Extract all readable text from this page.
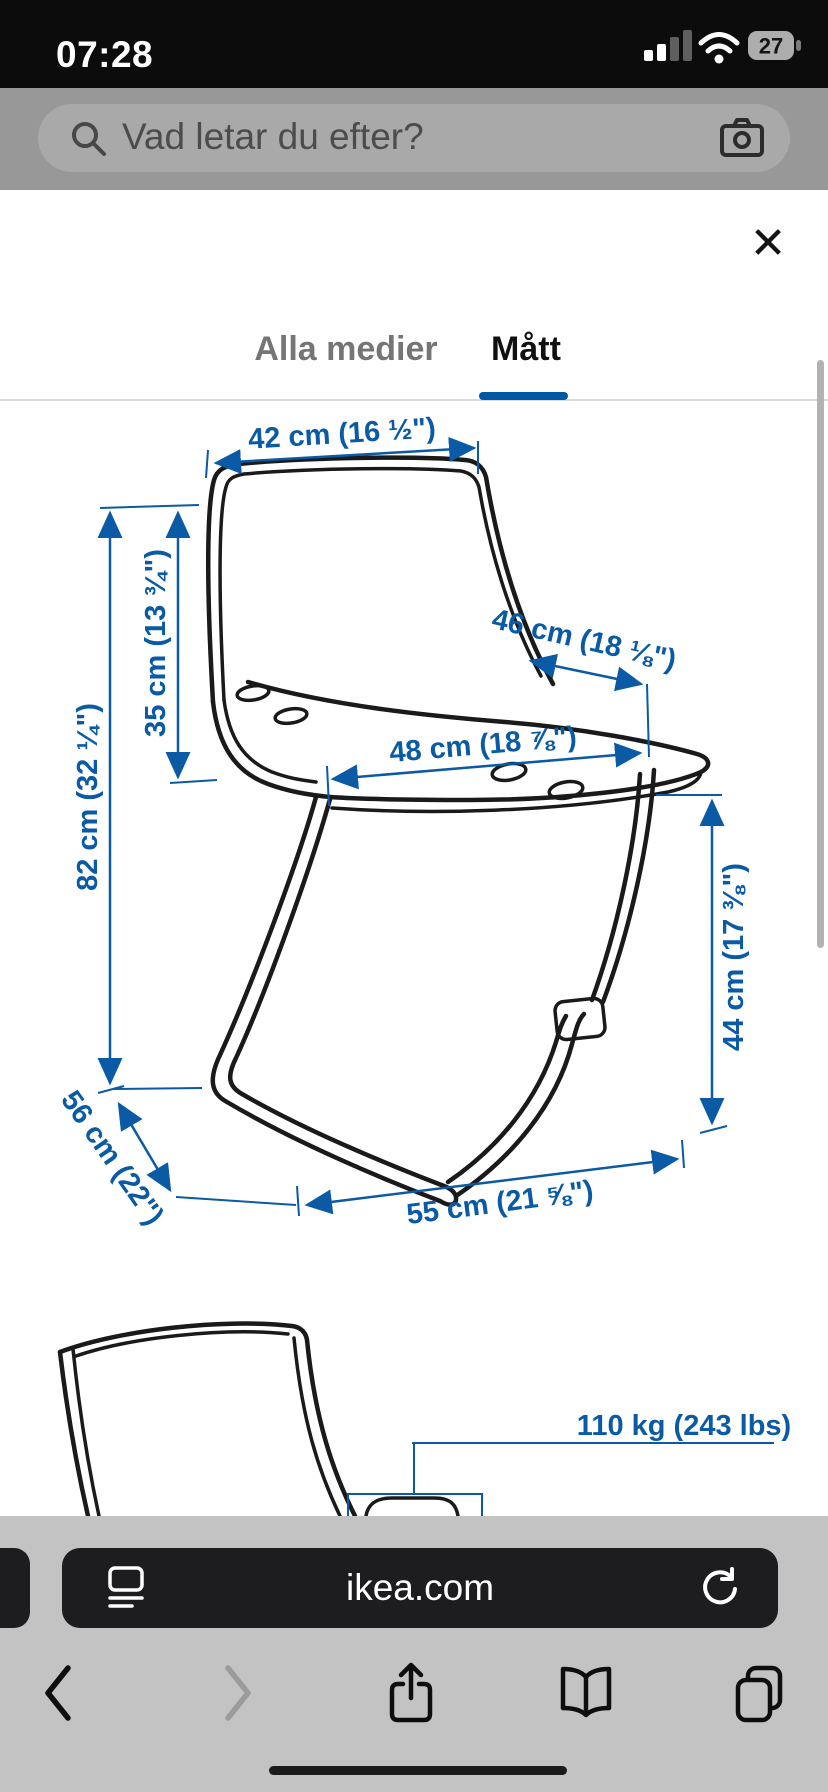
07:28	27
Vad letar du efter?
✕
Alla medier	Mått
42 cm (16 ½")
35 cm (13 ¾")
82 cm (32 ¼")
46 cm (18 ⅛")
48 cm (18 ⅞")
44 cm (17 ⅜")
56 cm (22")	55 cm (21 ⅝")
110 kg (243 lbs)
ikea.com
